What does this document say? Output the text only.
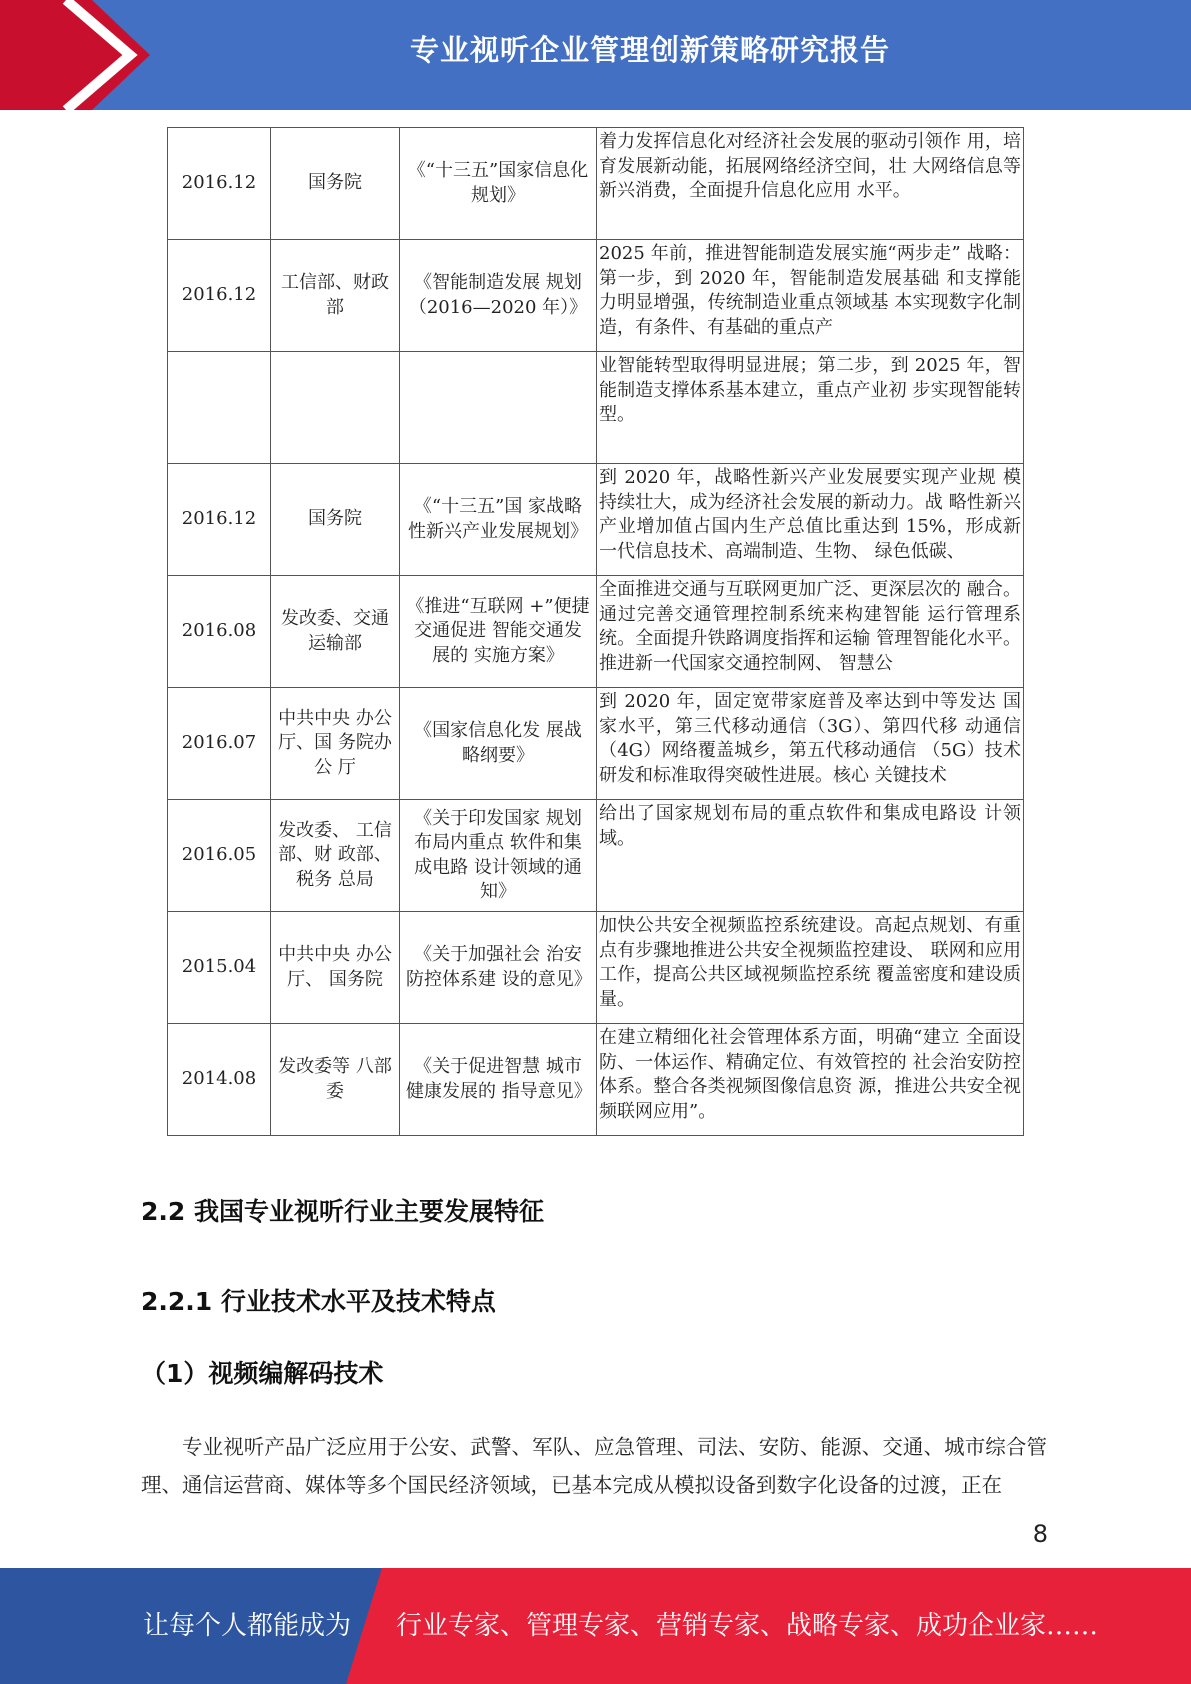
专业视听企业管理创新策略研究报告
2016.12	国务院	《“十三五”国家信息化规划》	着力发挥信息化对经济社会发展的驱动引领作 用，培育发展新动能，拓展网络经济空间，壮 大网络信息等新兴消费，全面提升信息化应用 水平。
2016.12	工信部、财政部	《智能制造发展 规划（2016—2020 年）》	2025 年前，推进智能制造发展实施“两步走” 战略：第一步，到 2020 年，智能制造发展基础 和支撑能力明显增强，传统制造业重点领域基 本实现数字化制造，有条件、有基础的重点产
			业智能转型取得明显进展；第二步，到 2025 年，智能制造支撑体系基本建立，重点产业初 步实现智能转型。
2016.12	国务院	《“十三五”国 家战略性新兴产业发展规划》	到 2020 年，战略性新兴产业发展要实现产业规 模持续壮大，成为经济社会发展的新动力。战 略性新兴产业增加值占国内生产总值比重达到 15%，形成新一代信息技术、高端制造、生物、 绿色低碳、
2016.08	发改委、交通运输部	《推进“互联网 +”便捷交通促进 智能交通发展的 实施方案》	全面推进交通与互联网更加广泛、更深层次的 融合。通过完善交通管理控制系统来构建智能 运行管理系统。全面提升铁路调度指挥和运输 管理智能化水平。推进新一代国家交通控制网、 智慧公
2016.07	中共中央 办公厅、国 务院办公 厅	《国家信息化发 展战略纲要》	到 2020 年，固定宽带家庭普及率达到中等发达 国家水平，第三代移动通信（3G）、第四代移 动通信（4G）网络覆盖城乡，第五代移动通信 （5G）技术研发和标准取得突破性进展。核心 关键技术
2016.05	发改委、 工信部、财 政部、税务 总局	《关于印发国家 规划布局内重点 软件和集成电路 设计领域的通知》	给出了国家规划布局的重点软件和集成电路设 计领域。
2015.04	中共中央 办公厅、 国务院	《关于加强社会 治安防控体系建 设的意见》	加快公共安全视频监控系统建设。高起点规划、有重点有步骤地推进公共安全视频监控建设、 联网和应用工作，提高公共区域视频监控系统 覆盖密度和建设质量。
2014.08	发改委等 八部委	《关于促进智慧 城市健康发展的 指导意见》	在建立精细化社会管理体系方面，明确“建立 全面设防、一体运作、精确定位、有效管控的 社会治安防控体系。整合各类视频图像信息资 源，推进公共安全视频联网应用”。
2.2 我国专业视听行业主要发展特征
2.2.1 行业技术水平及技术特点
（1）视频编解码技术
专业视听产品广泛应用于公安、武警、军队、应急管理、司法、安防、能源、交通、城市综合管理、通信运营商、媒体等多个国民经济领域，已基本完成从模拟设备到数字化设备的过渡，正在
8
让每个人都能成为 行业专家、管理专家、营销专家、战略专家、成功企业家……
